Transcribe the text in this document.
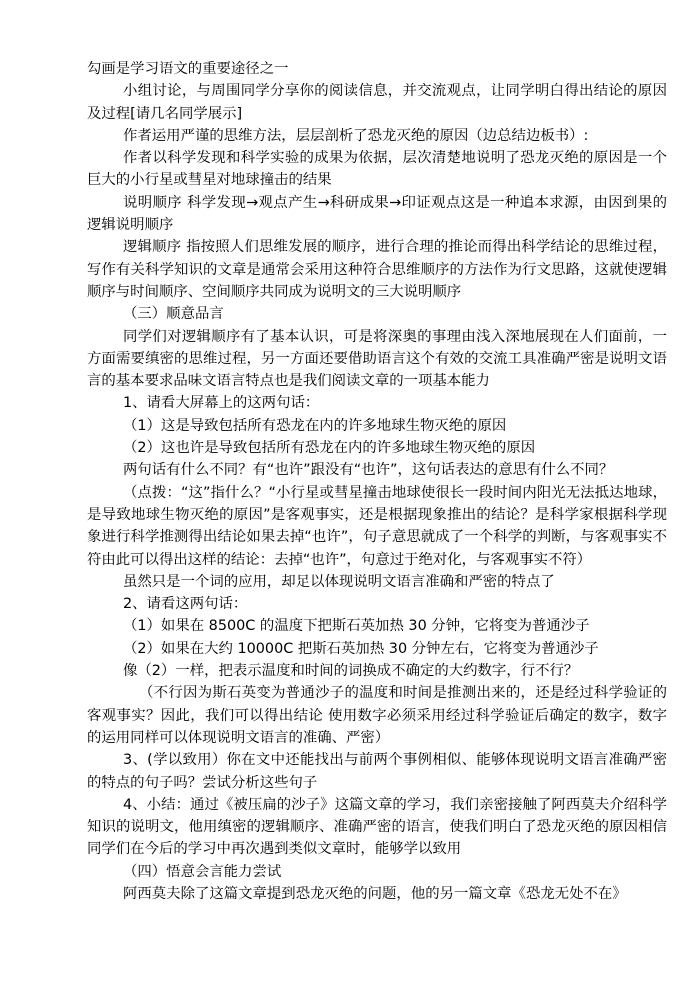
勾画是学习语文的重要途径之一

小组讨论，与周围同学分享你的阅读信息，并交流观点，让同学明白得出结论的原因及过程[请几名同学展示]

作者运用严谨的思维方法，层层剖析了恐龙灭绝的原因（边总结边板书）:

作者以科学发现和科学实验的成果为依据，层次清楚地说明了恐龙灭绝的原因是一个巨大的小行星或彗星对地球撞击的结果

说明顺序 科学发现→观点产生→科研成果→印证观点这是一种追本求源，由因到果的逻辑说明顺序

逻辑顺序 指按照人们思维发展的顺序，进行合理的推论而得出科学结论的思维过程，写作有关科学知识的文章是通常会采用这种符合思维顺序的方法作为行文思路，这就使逻辑顺序与时间顺序、空间顺序共同成为说明文的三大说明顺序

（三）顺意品言

同学们对逻辑顺序有了基本认识，可是将深奥的事理由浅入深地展现在人们面前，一方面需要缜密的思维过程，另一方面还要借助语言这个有效的交流工具准确严密是说明文语言的基本要求品味文语言特点也是我们阅读文章的一项基本能力

1、请看大屏幕上的这两句话：

（1）这是导致包括所有恐龙在内的许多地球生物灭绝的原因

（2）这也许是导致包括所有恐龙在内的许多地球生物灭绝的原因

两句话有什么不同？有“也许”跟没有“也许”，这句话表达的意思有什么不同？

（点拨：“这”指什么？“小行星或彗星撞击地球使很长一段时间内阳光无法抵达地球，是导致地球生物灭绝的原因”是客观事实，还是根据现象推出的结论？是科学家根据科学现象进行科学推测得出结论如果去掉“也许”，句子意思就成了一个科学的判断，与客观事实不符由此可以得出这样的结论：去掉“也许”，句意过于绝对化，与客观事实不符）

虽然只是一个词的应用，却足以体现说明文语言准确和严密的特点了

2、请看这两句话：

（1）如果在 8500C 的温度下把斯石英加热 30 分钟，它将变为普通沙子

（2）如果在大约 10000C 把斯石英加热 30 分钟左右，它将变为普通沙子

像（2）一样，把表示温度和时间的词换成不确定的大约数字，行不行？

（不行因为斯石英变为普通沙子的温度和时间是推测出来的，还是经过科学验证的客观事实？因此，我们可以得出结论 使用数字必须采用经过科学验证后确定的数字，数字的运用同样可以体现说明文语言的准确、严密）

3、(学以致用）你在文中还能找出与前两个事例相似、能够体现说明文语言准确严密的特点的句子吗？尝试分析这些句子

4、小结：通过《被压扁的沙子》这篇文章的学习，我们亲密接触了阿西莫夫介绍科学知识的说明文，他用缜密的逻辑顺序、准确严密的语言，使我们明白了恐龙灭绝的原因相信同学们在今后的学习中再次遇到类似文章时，能够学以致用

（四）悟意会言能力尝试

阿西莫夫除了这篇文章提到恐龙灭绝的问题，他的另一篇文章《恐龙无处不在》
